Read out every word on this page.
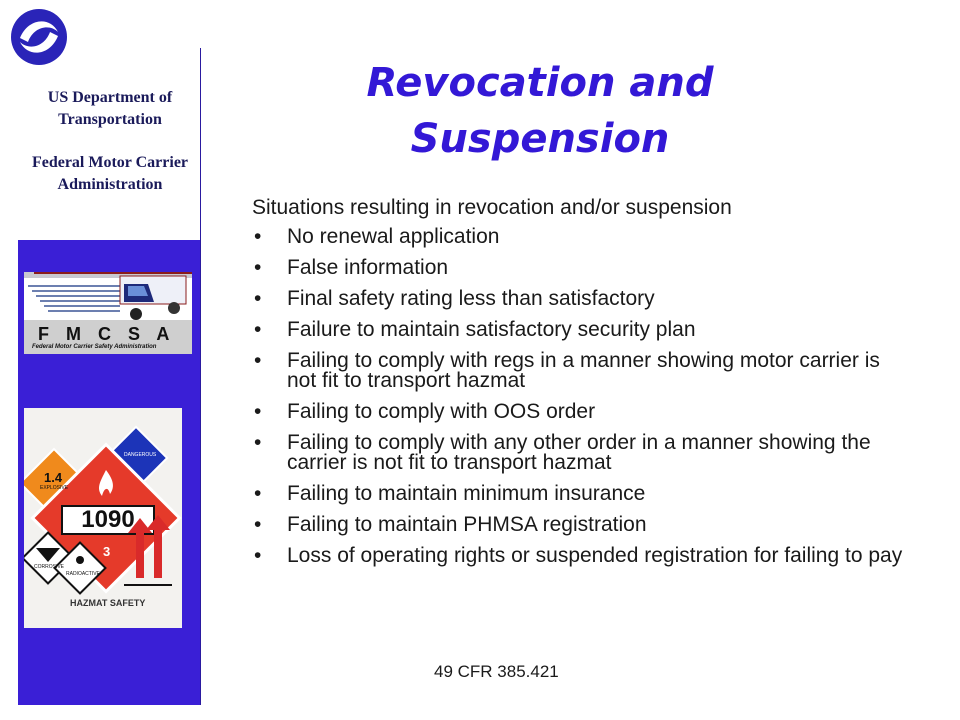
US Department of Transportation
Federal Motor Carrier Administration
F M C S A
Federal Motor Carrier Safety Administration
1.4
EXPLOSIVE
DANGEROUS
1090
3
CORROSIVE
RADIOACTIVE
HAZMAT SAFETY
Revocation and Suspension

Situations resulting in revocation and/or suspension

• No renewal application
• False information
• Final safety rating less than satisfactory
• Failure to maintain satisfactory security plan
• Failing to comply with regs in a manner showing motor carrier is not fit to transport hazmat
• Failing to comply with OOS order
• Failing to comply with any other order in a manner showing the carrier is not fit to transport hazmat
• Failing to maintain minimum insurance
• Failing to maintain PHMSA registration
• Loss of operating rights or suspended registration for failing to pay

49 CFR 385.421
